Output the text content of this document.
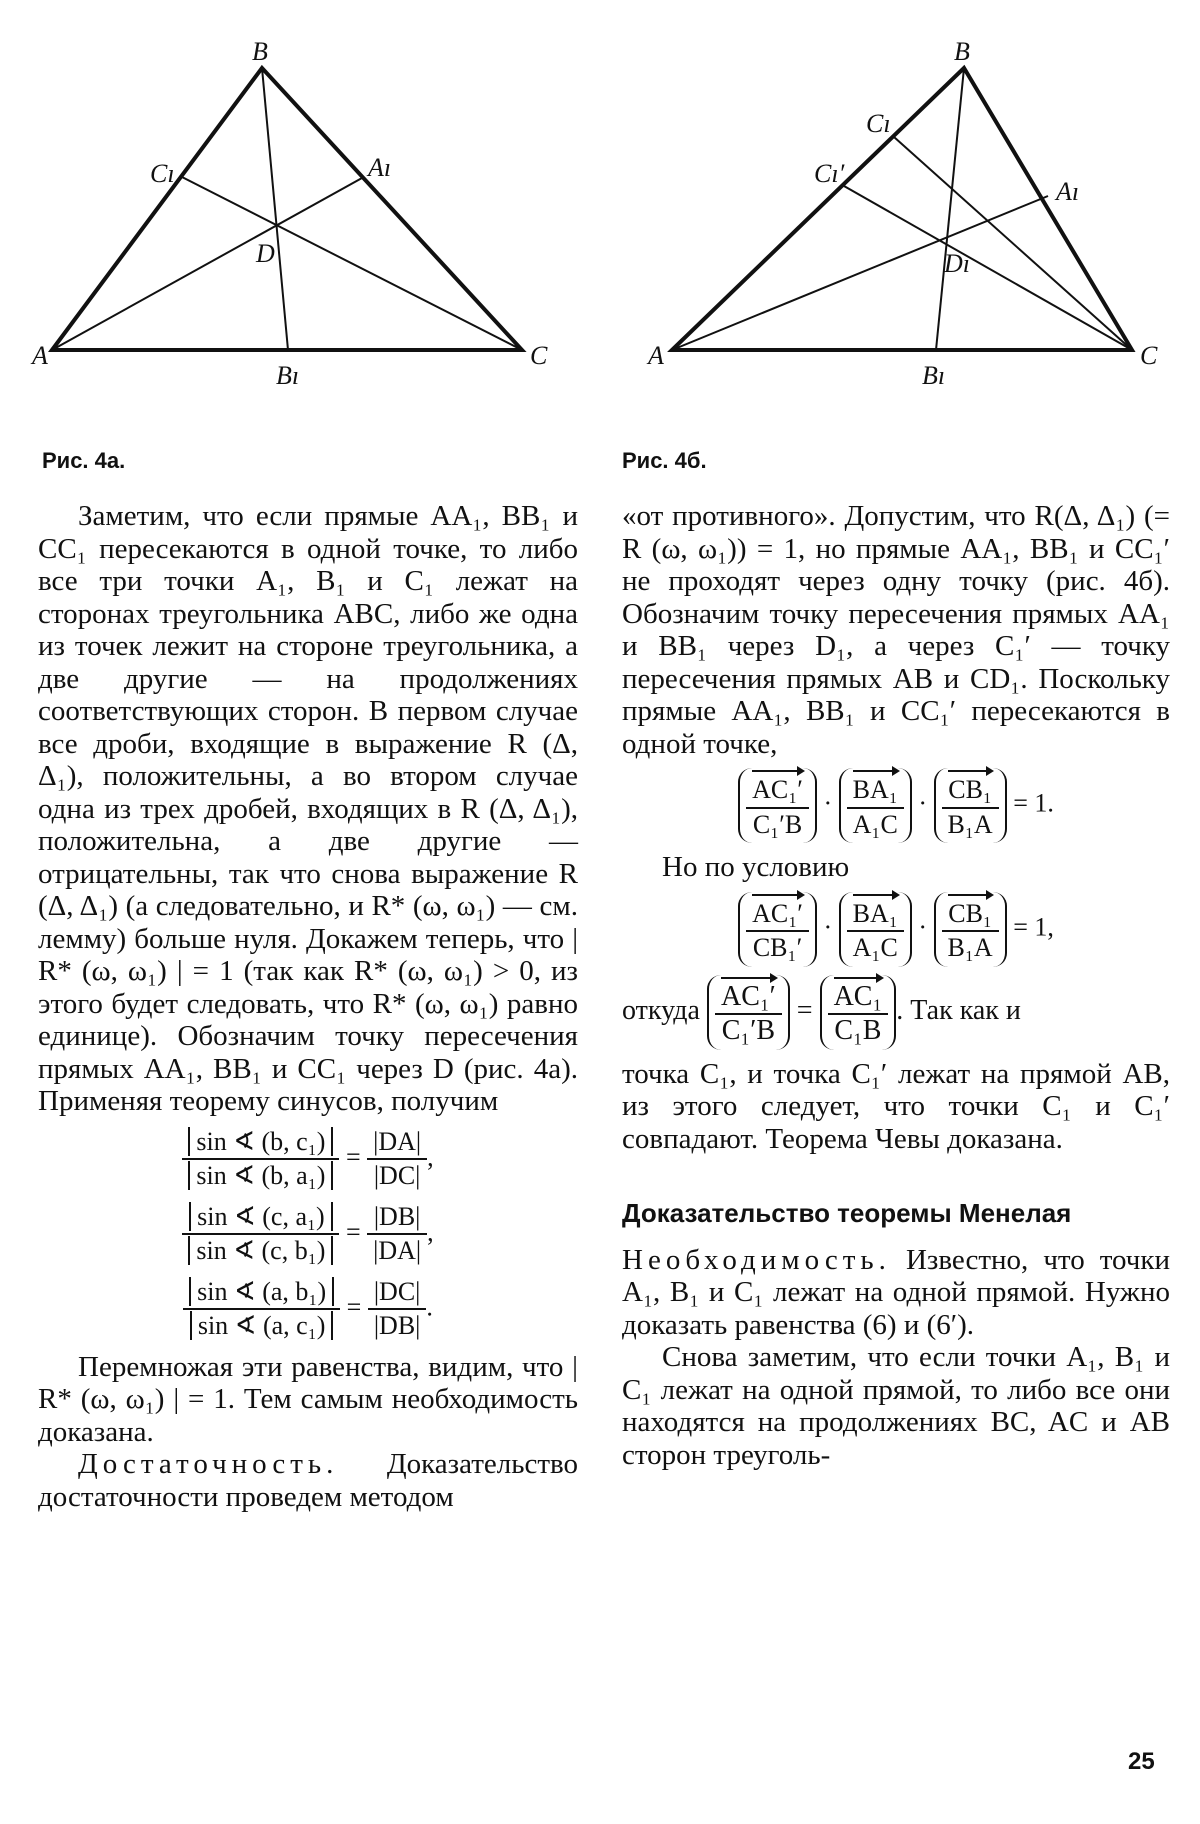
B
Cı	Aı
D
A
Bı
C
B
Cı
Cı′
Aı
Dı
A
Bı
C
Рис. 4а.	Рис. 4б.

Заметим, что если прямые AA₁, BB₁ и CC₁ пересекаются в одной точке, то либо все три точки A₁, B₁ и C₁ лежат на сторонах треугольника ABC, либо же одна из точек лежит на стороне треугольника, а две другие — на продолжениях соответствующих сторон. В первом случае все дроби, входящие в выражение R (Δ, Δ₁), положительны, а во втором случае одна из трех дробей, входящих в R (Δ, Δ₁), положительна, а две другие — отрицательны, так что снова выражение R (Δ, Δ₁) (а следовательно, и R* (ω, ω₁) — см. лемму) больше нуля. Докажем теперь, что | R* (ω, ω₁) | = 1 (так как R* (ω, ω₁) > 0, из этого будет следовать, что R* (ω, ω₁) равно единице). Обозначим точку пересечения прямых AA₁, BB₁ и CC₁ через D (рис. 4а). Применяя теорему синусов, получим

$\frac{\text{sin ∢ (b, c₁)}}{\text{sin ∢ (b, a₁)}} = \frac{|DA|}{|DC|}$ ,
$\frac{\text{sin ∢ (c, a₁)}}{\text{sin ∢ (c, b₁)}} = \frac{|DB|}{|DA|}$ ,
$\frac{\text{sin ∢ (a, b₁)}}{\text{sin ∢ (a, c₁)}} = \frac{|DC|}{|DB|}$ .

Перемножая эти равенства, видим, что | R* (ω, ω₁) | = 1. Тем самым необходимость доказана.

Достаточность. Доказательство достаточности проведем методом

«от противного». Допустим, что R(Δ, Δ₁) (= R (ω, ω₁)) = 1, но прямые AA₁, BB₁ и CC₁′ не проходят через одну точку (рис. 4б). Обозначим точку пересечения прямых AA₁ и BB₁ через D₁, а через C₁′ — точку пересечения прямых AB и CD₁. Поскольку прямые AA₁, BB₁ и CC₁′ пересекаются в одной точке,

$\frac{\text{AC₁′}}{\text{C₁′B}} \cdot \frac{\text{BA₁}}{\text{A₁C}} \cdot \frac{\text{CB₁}}{\text{B₁A}} = 1$.

Но по условию

$\frac{\text{AC₁′}}{\text{CB₁′}} \cdot \frac{\text{BA₁}}{\text{A₁C}} \cdot \frac{\text{CB₁}}{\text{B₁A}} = 1$,
откуда $\frac{\text{AC₁′}}{\text{C₁′B}} = \frac{\text{AC₁}}{\text{C₁B}}$ . Так как и

точка C₁, и точка C₁′ лежат на прямой AB, из этого следует, что точки C₁ и C₁′ совпадают. Теорема Чевы доказана.

Доказательство теоремы Менелая

Необходимость. Известно, что точки A₁, B₁ и C₁ лежат на одной прямой. Нужно доказать равенства (6) и (6′).

Снова заметим, что если точки A₁, B₁ и C₁ лежат на одной прямой, то либо все они находятся на продолжениях BC, AC и AB сторон треуголь-

25
